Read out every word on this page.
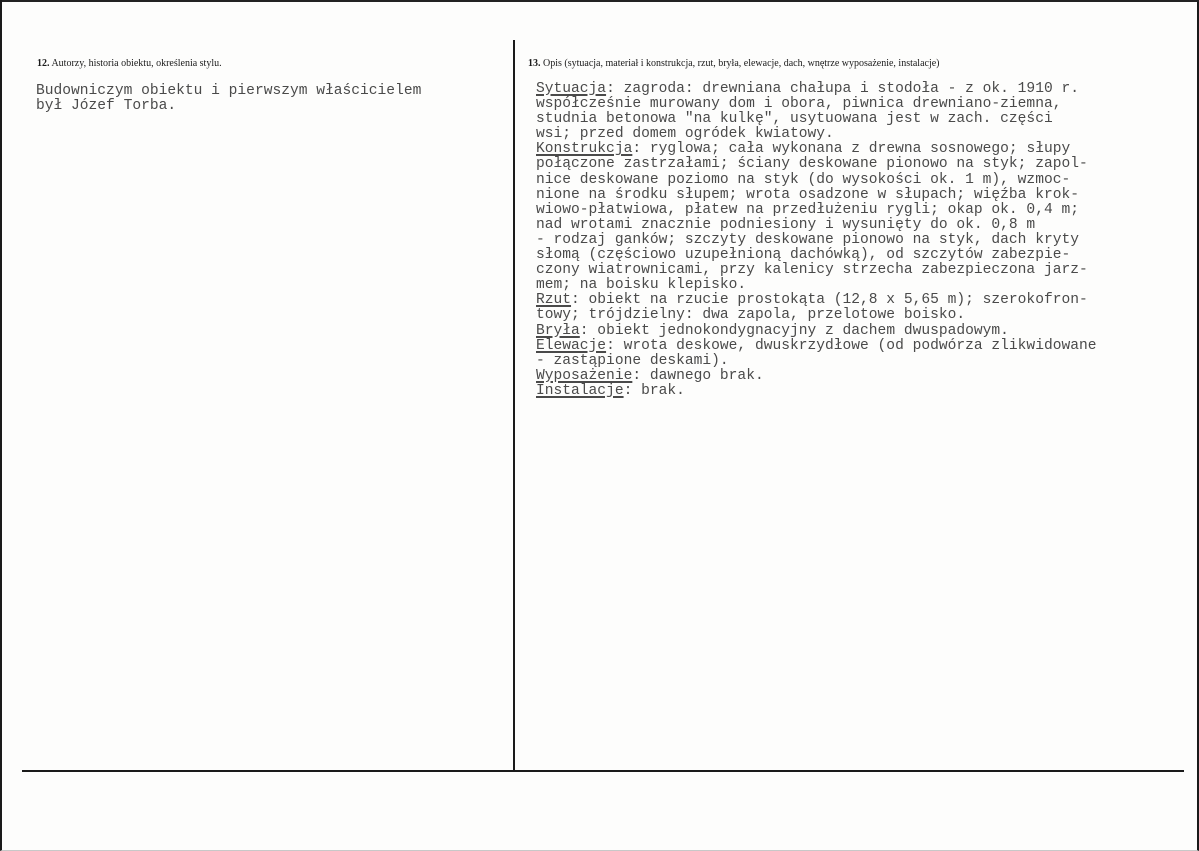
12. Autorzy, historia obiektu, określenia stylu.	13. Opis (sytuacja, materiał i konstrukcja, rzut, bryła, elewacje, dach, wnętrze wyposażenie, instalacje)
Budowniczym obiektu i pierwszym właścicielem
był Józef Torba.
Sytuacja: zagroda: drewniana chałupa i stodoła - z ok. 1910 r.
współcześnie murowany dom i obora, piwnica drewniano-ziemna,
studnia betonowa "na kulkę", usytuowana jest w zach. części
wsi; przed domem ogródek kwiatowy.
Konstrukcja: ryglowa; cała wykonana z drewna sosnowego; słupy
połączone zastrzałami; ściany deskowane pionowo na styk; zapol-
nice deskowane poziomo na styk (do wysokości ok. 1 m), wzmoc-
nione na środku słupem; wrota osadzone w słupach; więźba krok-
wiowo-płatwiowa, płatew na przedłużeniu rygli; okap ok. 0,4 m;
nad wrotami znacznie podniesiony i wysunięty do ok. 0,8 m
- rodzaj ganków; szczyty deskowane pionowo na styk, dach kryty
słomą (częściowo uzupełnioną dachówką), od szczytów zabezpie-
czony wiatrownicami, przy kalenicy strzecha zabezpieczona jarz-
mem; na boisku klepisko.
Rzut: obiekt na rzucie prostokąta (12,8 x 5,65 m); szerokofron-
towy; trójdzielny: dwa zapola, przelotowe boisko.
Bryła: obiekt jednokondygnacyjny z dachem dwuspadowym.
Elewacje: wrota deskowe, dwuskrzydłowe (od podwórza zlikwidowane
- zastąpione deskami).
Wyposażenie: dawnego brak.
Instalacje: brak.
